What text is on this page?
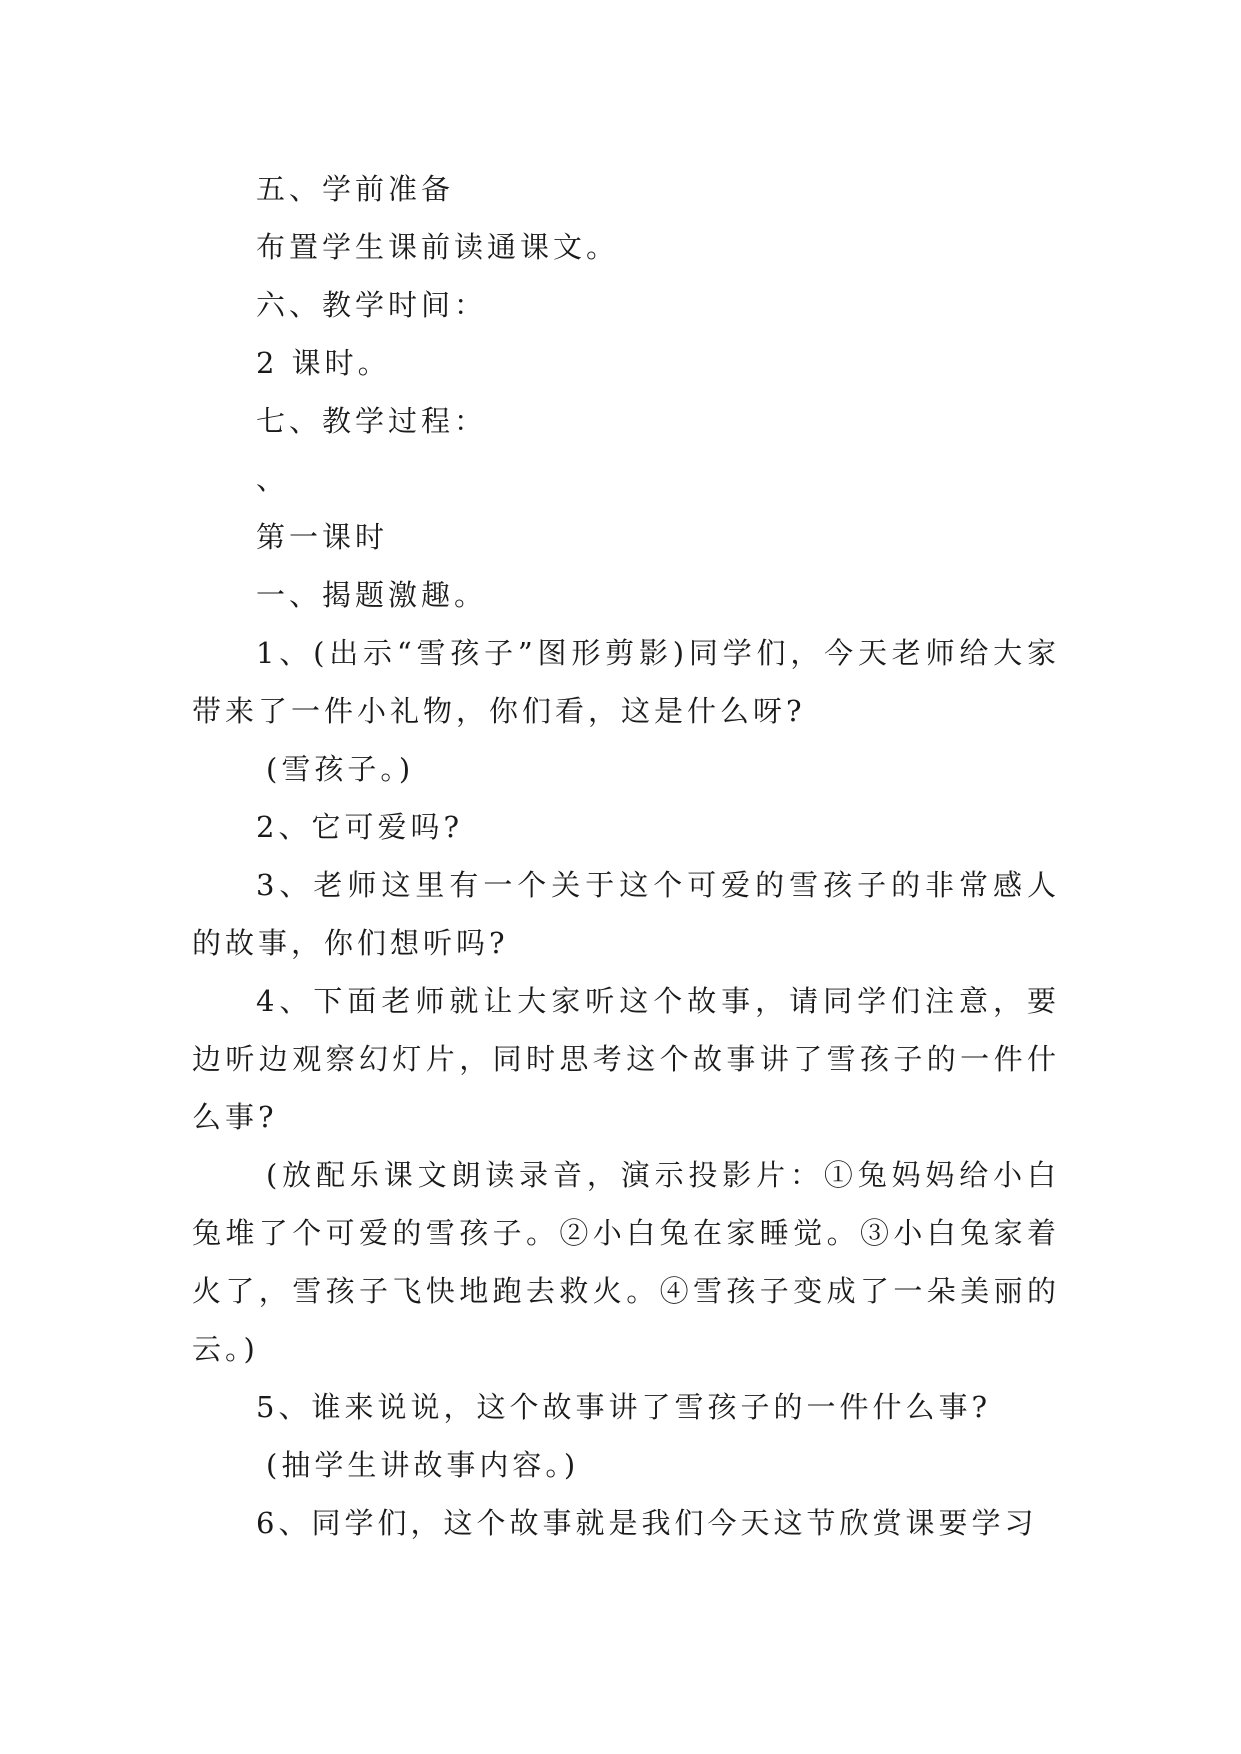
五、学前准备
布置学生课前读通课文。
六、教学时间：
2 课时。
七、教学过程：
、
第一课时
一、揭题激趣。
1、(出示“雪孩子”图形剪影)同学们，今天老师给大家带来了一件小礼物，你们看，这是什么呀?
(雪孩子。)
2、它可爱吗?
3、老师这里有一个关于这个可爱的雪孩子的非常感人的故事，你们想听吗?
4、下面老师就让大家听这个故事，请同学们注意，要边听边观察幻灯片，同时思考这个故事讲了雪孩子的一件什么事?
(放配乐课文朗读录音，演示投影片：①兔妈妈给小白兔堆了个可爱的雪孩子。②小白兔在家睡觉。③小白兔家着火了，雪孩子飞快地跑去救火。④雪孩子变成了一朵美丽的云。)
5、谁来说说，这个故事讲了雪孩子的一件什么事?
(抽学生讲故事内容。)
6、同学们，这个故事就是我们今天这节欣赏课要学习
